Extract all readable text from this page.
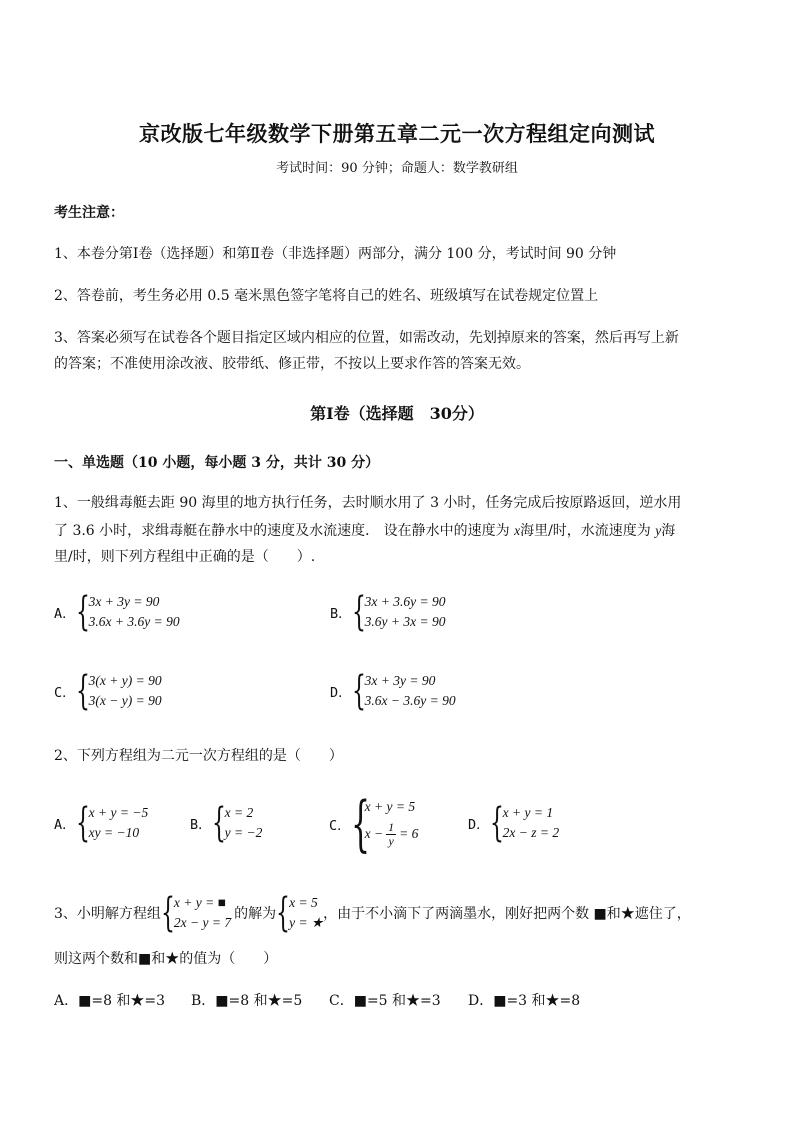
京改版七年级数学下册第五章二元一次方程组定向测试
考试时间：90 分钟；命题人：数学教研组
考生注意：
1、本卷分第Ⅰ卷（选择题）和第Ⅱ卷（非选择题）两部分，满分 100 分，考试时间 90 分钟
2、答卷前，考生务必用 0.5 毫米黑色签字笔将自己的姓名、班级填写在试卷规定位置上
3、答案必须写在试卷各个题目指定区域内相应的位置，如需改动，先划掉原来的答案，然后再写上新
的答案；不准使用涂改液、胶带纸、修正带，不按以上要求作答的答案无效。
第Ⅰ卷（选择题　30分）
一、单选题（10 小题，每小题 3 分，共计 30 分）
1、一般缉毒艇去距 90 海里的地方执行任务，去时顺水用了 3 小时，任务完成后按原路返回，逆水用
了 3.6 小时，求缉毒艇在静水中的速度及水流速度． 设在静水中的速度为 x海里/时，水流速度为 y海
里/时，则下列方程组中正确的是（　　）.
A． { 3x + 3y = 90
3.6x + 3.6y = 90	B． { 3x + 3.6y = 90
3.6y + 3x = 90
C． { 3(x + y) = 90
3(x − y) = 90	D． { 3x + 3y = 90
3.6x − 3.6y = 90
2、下列方程组为二元一次方程组的是（　　）
A． { x + y = −5
xy = −10	B． { x = 2
y = −2	C． {
x + y = 5
$x - \frac{1}{y} = 6$
D． { x + y = 1
2x − z = 2
3、小明解方程组 { x + y = ■
2x − y = 7
的解为 { x = 5
y = ★
，由于不小滴下了两滴墨水，刚好把两个数 ■和★遮住了，
则这两个数和■和★的值为（　　）
A．■=8 和★=3 B．■=8 和★=5 C．■=5 和★=3 D．■=3 和★=8
